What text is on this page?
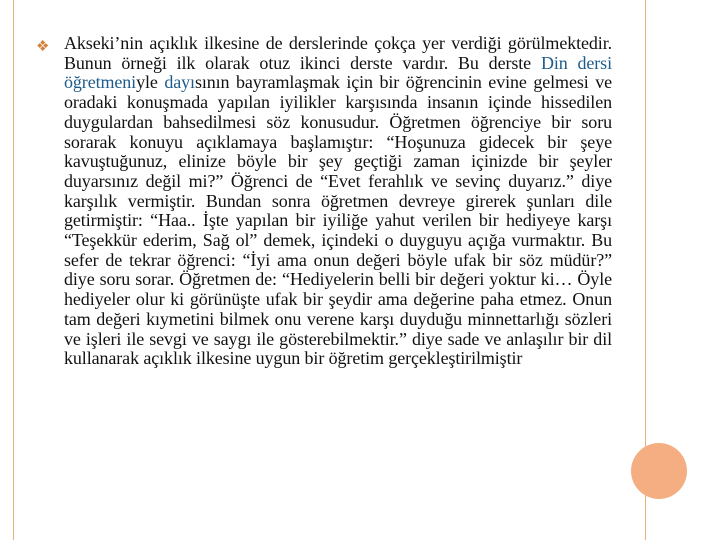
❖ Akseki’nin açıklık ilkesine de derslerinde çokça yer verdiği görülmektedir. Bunun örneği ilk olarak otuz ikinci derste vardır. Bu derste Din dersi öğretmeniyle dayısının bayramlaşmak için bir öğrencinin evine gelmesi ve oradaki konuşmada yapılan iyilikler karşısında insanın içinde hissedilen duygulardan bahsedilmesi söz konusudur. Öğretmen öğrenciye bir soru sorarak konuyu açıklamaya başlamıştır: “Hoşunuza gidecek bir şeye kavuştuğunuz, elinize böyle bir şey geçtiği zaman içinizde bir şeyler duyarsınız değil mi?” Öğrenci de “Evet ferahlık ve sevinç duyarız.” diye karşılık vermiştir. Bundan sonra öğretmen devreye girerek şunları dile getirmiştir: “Haa.. İşte yapılan bir iyiliğe yahut verilen bir hediyeye karşı “Teşekkür ederim, Sağ ol” demek, içindeki o duyguyu açığa vurmaktır. Bu sefer de tekrar öğrenci: “İyi ama onun değeri böyle ufak bir söz müdür?” diye soru sorar. Öğretmen de: “Hediyelerin belli bir değeri yoktur ki… Öyle hediyeler olur ki görünüşte ufak bir şeydir ama değerine paha etmez. Onun tam değeri kıymetini bilmek onu verene karşı duyduğu minnettarlığı sözleri ve işleri ile sevgi ve saygı ile gösterebilmektir.” diye sade ve anlaşılır bir dil kullanarak açıklık ilkesine uygun bir öğretim gerçekleştirilmiştir
